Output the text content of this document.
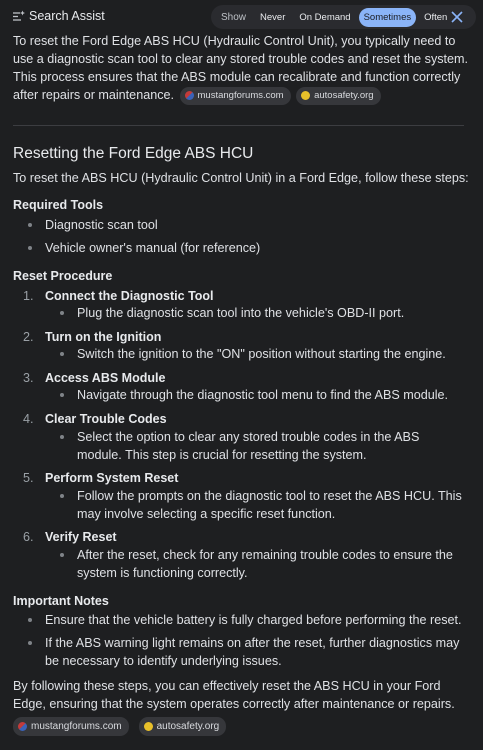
Search Assist	Show	Never	On Demand	Sometimes	Often

To reset the Ford Edge ABS HCU (Hydraulic Control Unit), you typically need to use a diagnostic scan tool to clear any stored trouble codes and reset the system. This process ensures that the ABS module can recalibrate and function correctly after repairs or maintenance. mustangforums.com
	autosafety.org

Resetting the Ford Edge ABS HCU

To reset the ABS HCU (Hydraulic Control Unit) in a Ford Edge, follow these steps:

Required Tools
Diagnostic scan tool
Vehicle owner's manual (for reference)
Reset Procedure
1. Connect the Diagnostic Tool
Plug the diagnostic scan tool into the vehicle's OBD-II port.
2. Turn on the Ignition
Switch the ignition to the "ON" position without starting the engine.
3. Access ABS Module
Navigate through the diagnostic tool menu to find the ABS module.
4. Clear Trouble Codes
Select the option to clear any stored trouble codes in the ABS module. This step is crucial for resetting the system.
5. Perform System Reset
Follow the prompts on the diagnostic tool to reset the ABS HCU. This may involve selecting a specific reset function.
6. Verify Reset
After the reset, check for any remaining trouble codes to ensure the system is functioning correctly.
Important Notes
Ensure that the vehicle battery is fully charged before performing the reset.
If the ABS warning light remains on after the reset, further diagnostics may be necessary to identify underlying issues.

By following these steps, you can effectively reset the ABS HCU in your Ford Edge, ensuring that the system operates correctly after maintenance or repairs.

mustangforums.com	autosafety.org
